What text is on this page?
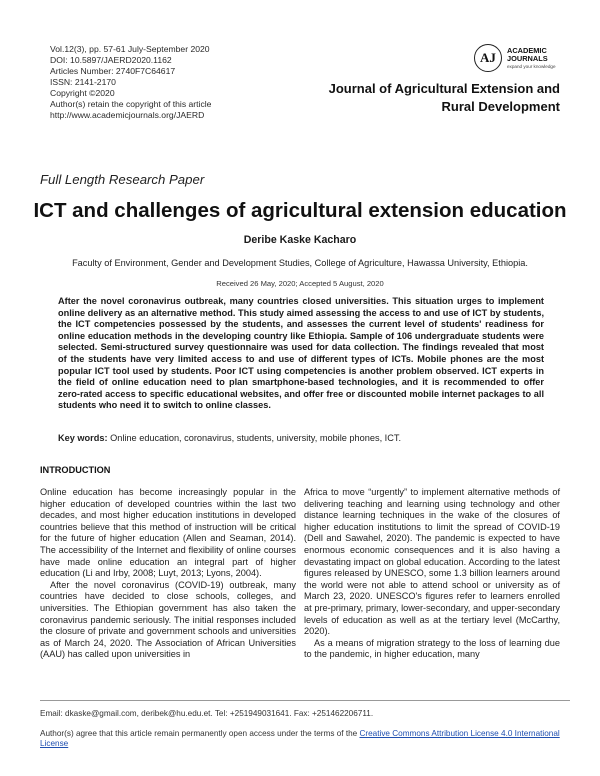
Vol.12(3), pp. 57-61 July-September 2020
DOI: 10.5897/JAERD2020.1162
Articles Number: 2740F7C64617
ISSN: 2141-2170
Copyright ©2020
Author(s) retain the copyright of this article
http://www.academicjournals.org/JAERD
AJ	ACADEMIC
JOURNALS
expand your knowledge
Journal of Agricultural Extension and
Rural Development
Full Length Research Paper
ICT and challenges of agricultural extension education
Deribe Kaske Kacharo
Faculty of Environment, Gender and Development Studies, College of Agriculture, Hawassa University, Ethiopia.
Received 26 May, 2020; Accepted 5 August, 2020
After the novel coronavirus outbreak, many countries closed universities. This situation urges to implement online delivery as an alternative method. This study aimed assessing the access to and use of ICT by students, the ICT competencies possessed by the students, and assesses the current level of students' readiness for online education methods in the developing country like Ethiopia. Sample of 106 undergraduate students were selected. Semi-structured survey questionnaire was used for data collection. The findings revealed that most of the students have very limited access to and use of different types of ICTs. Mobile phones are the most popular ICT tool used by students. Poor ICT using competencies is another problem observed. ICT experts in the field of online education need to plan smartphone-based technologies, and it is recommended to offer zero-rated access to specific educational websites, and offer free or discounted mobile internet packages to all students who need it to switch to online classes.
Key words: Online education, coronavirus, students, university, mobile phones, ICT.
INTRODUCTION

Online education has become increasingly popular in the higher education of developed countries within the last two decades, and most higher education institutions in developed countries believe that this method of instruction will be critical for the future of higher education (Allen and Seaman, 2014). The accessibility of the Internet and flexibility of online courses have made online education an integral part of higher education (Li and Irby, 2008; Luyt, 2013; Lyons, 2004).

After the novel coronavirus (COVID-19) outbreak, many countries have decided to close schools, colleges, and universities. The Ethiopian government has also taken the coronavirus pandemic seriously. The initial responses included the closure of private and government schools and universities as of March 24, 2020. The Association of African Universities (AAU) has called upon universities in

Africa to move “urgently” to implement alternative methods of delivering teaching and learning using technology and other distance learning techniques in the wake of the closures of higher education institutions to limit the spread of COVID-19 (Dell and Sawahel, 2020). The pandemic is expected to have enormous economic consequences and it is also having a devastating impact on global education. According to the latest figures released by UNESCO, some 1.3 billion learners around the world were not able to attend school or university as of March 23, 2020. UNESCO's figures refer to learners enrolled at pre-primary, primary, lower-secondary, and upper-secondary levels of education as well as at the tertiary level (McCarthy, 2020).

As a means of migration strategy to the loss of learning due to the pandemic, in higher education, many

Email: dkaske@gmail.com, deribek@hu.edu.et. Tel: +251949031641. Fax: +251462206711.
Author(s) agree that this article remain permanently open access under the terms of the Creative Commons Attribution License 4.0 International License
